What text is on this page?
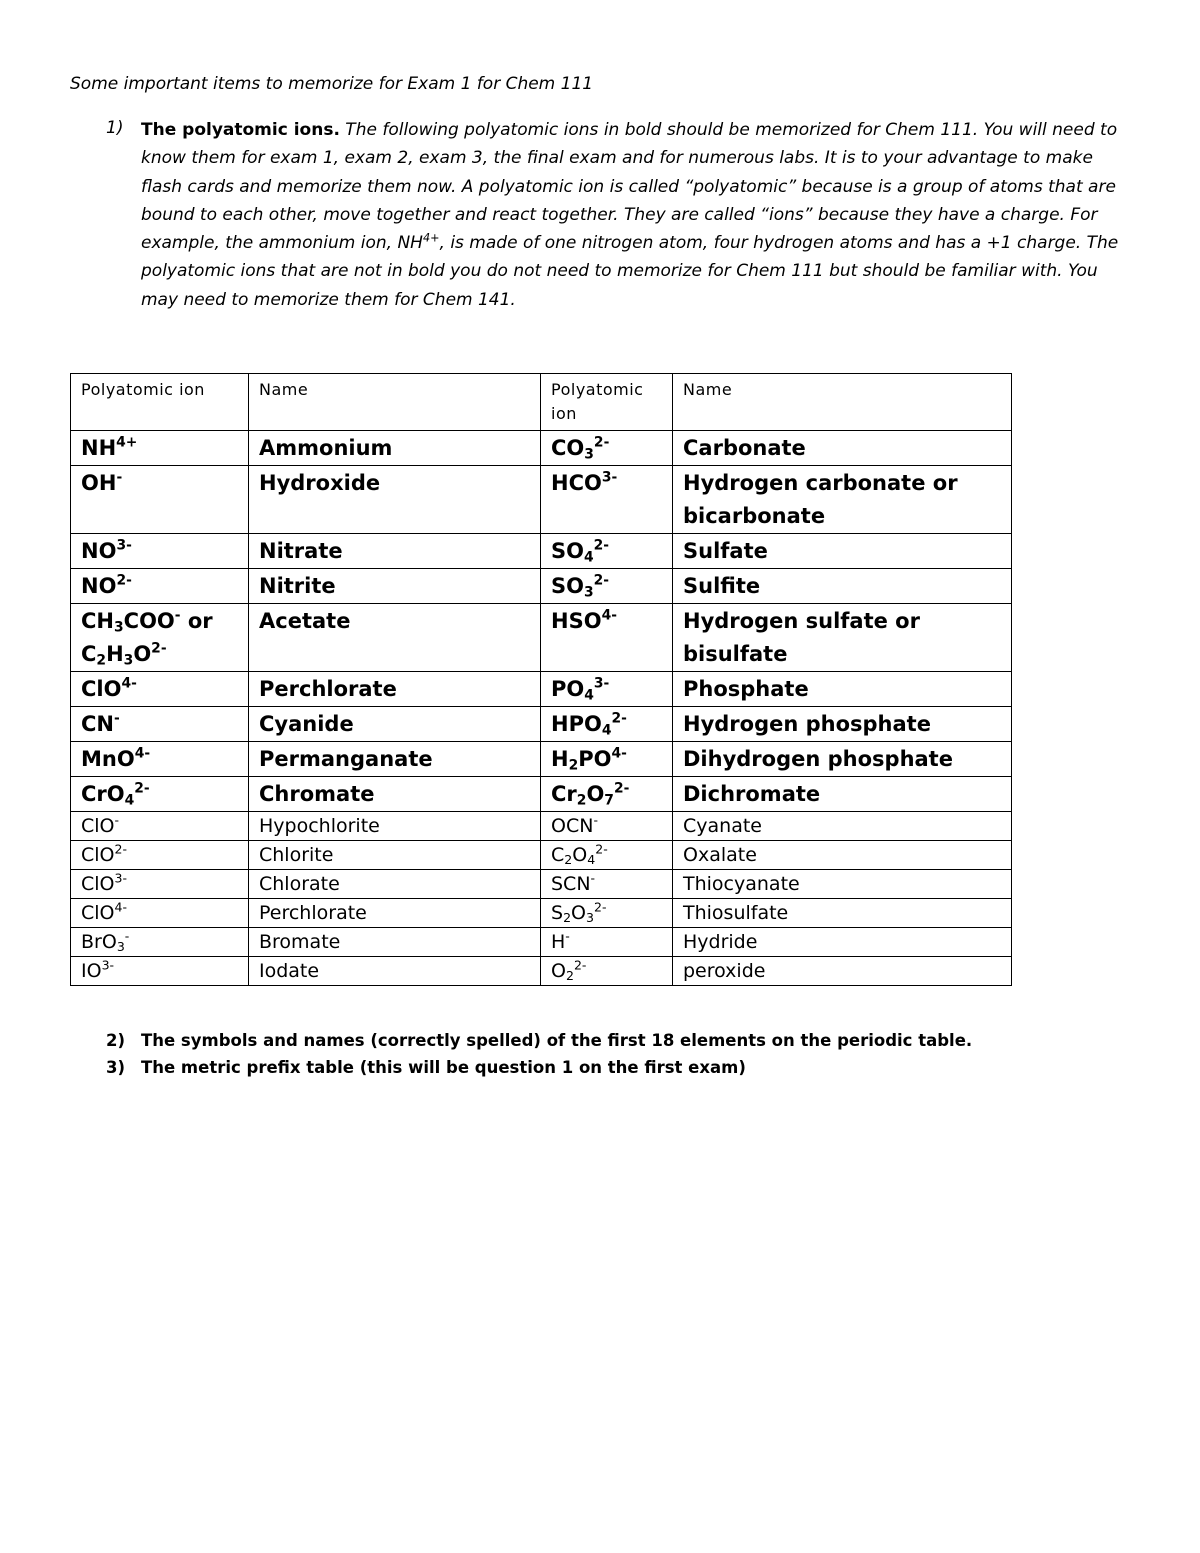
Some important items to memorize for Exam 1 for Chem 111
1)	The polyatomic ions. The following polyatomic ions in bold should be memorized for Chem 111. You will need to know them for exam 1, exam 2, exam 3, the final exam and for numerous labs. It is to your advantage to make flash cards and memorize them now. A polyatomic ion is called “polyatomic” because is a group of atoms that are bound to each other, move together and react together. They are called “ions” because they have a charge. For example, the ammonium ion, $NH^{4+}$, is made of one nitrogen atom, four hydrogen atoms and has a +1 charge. The polyatomic ions that are not in bold you do not need to memorize for Chem 111 but should be familiar with. You may need to memorize them for Chem 141.
Polyatomic ion	Name	Polyatomic ion	Name
$NH^{4+}$	Ammonium	$CO_3^{2-}$	Carbonate
OH-	Hydroxide	$HCO^{3-}$	Hydrogen carbonate or bicarbonate
$NO^{3-}$	Nitrate	$SO_4^{2-}$	Sulfate
$NO^{2-}$	Nitrite	$SO_3^{2-}$	Sulfite
$CH_3COO^-$ or $C_2H_3O^{2-}$	Acetate	$HSO^{4-}$	Hydrogen sulfate or bisulfate
ClO$^{4-}$	Perchlorate	$PO_4^{3-}$	Phosphate
CN-	Cyanide	$HPO_4^{2-}$	Hydrogen phosphate
MnO$^{4-}$	Permanganate	$H_2PO^{4-}$	Dihydrogen phosphate
CrO$_4^{2-}$	Chromate	$Cr_2O_7^{2-}$	Dichromate
ClO-	Hypochlorite	OCN-	Cyanate
ClO$^{2-}$	Chlorite	$C_2O_4^{2-}$	Oxalate
ClO$^{3-}$	Chlorate	SCN-	Thiocyanate
ClO$^{4-}$	Perchlorate	$S_2O_3^{2-}$	Thiosulfate
BrO$_3$-	Bromate	H-	Hydride
$IO^{3-}$	Iodate	$O_2^{2-}$	peroxide
2) The symbols and names (correctly spelled) of the first 18 elements on the periodic table.
3) The metric prefix table (this will be question 1 on the first exam)
